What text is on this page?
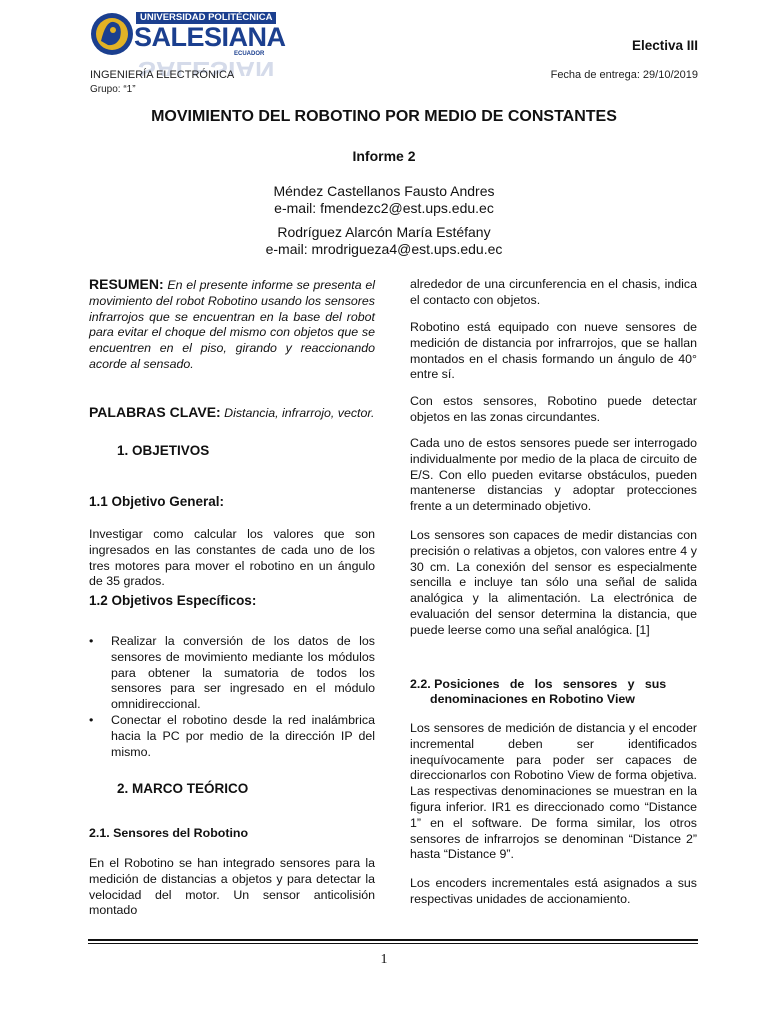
SALESIAN
UNIVERSIDAD POLITÉCNICA
SALESIANA
ECUADOR
Electiva III
INGENIERÍA ELECTRÓNICA	Fecha de entrega: 29/10/2019
Grupo: “1”
MOVIMIENTO DEL ROBOTINO POR MEDIO DE CONSTANTES
Informe 2
Méndez Castellanos Fausto Andres
e-mail: fmendezc2@est.ups.edu.ec
Rodríguez Alarcón María Estéfany
e-mail: mrodrigueza4@est.ups.edu.ec

RESUMEN: En el presente informe se presenta el movimiento del robot Robotino usando los sensores infrarrojos que se encuentran en la base del robot para evitar el choque del mismo con objetos que se encuentren en el piso, girando y reaccionando acorde al sensado.

PALABRAS CLAVE: Distancia, infrarrojo, vector.
1. OBJETIVOS
1.1 Objetivo General:
Investigar como calcular los valores que son ingresados en las constantes de cada uno de los tres motores para mover el robotino en un ángulo de 35 grados.
1.2 Objetivos Específicos:
• Realizar la conversión de los datos de los sensores de movimiento mediante los módulos para obtener la sumatoria de todos los sensores para ser ingresado en el módulo omnidireccional.
• Conectar el robotino desde la red inalámbrica hacia la PC por medio de la dirección IP del mismo.
2. MARCO TEÓRICO
2.1. Sensores del Robotino
En el Robotino se han integrado sensores para la medición de distancias a objetos y para detectar la velocidad del motor. Un sensor anticolisión montado
alrededor de una circunferencia en el chasis, indica el contacto con objetos.
Robotino está equipado con nueve sensores de medición de distancia por infrarrojos, que se hallan montados en el chasis formando un ángulo de 40° entre sí.
Con estos sensores, Robotino puede detectar objetos en las zonas circundantes.
Cada uno de estos sensores puede ser interrogado individualmente por medio de la placa de circuito de E/S. Con ello pueden evitarse obstáculos, pueden mantenerse distancias y adoptar protecciones frente a un determinado objetivo.
Los sensores son capaces de medir distancias con precisión o relativas a objetos, con valores entre 4 y 30 cm. La conexión del sensor es especialmente sencilla e incluye tan sólo una señal de salida analógica y la alimentación. La electrónica de evaluación del sensor determina la distancia, que puede leerse como una señal analógica. [1]
2.2. Posiciones   de   los   sensores   y   sus
denominaciones en Robotino View
Los sensores de medición de distancia y el encoder incremental deben ser identificados inequívocamente para poder ser capaces de direccionarlos con Robotino View de forma objetiva. Las respectivas denominaciones se muestran en la figura inferior. IR1 es direccionado como “Distance 1” en el software. De forma similar, los otros sensores de infrarrojos se denominan “Distance 2” hasta “Distance 9”.
Los encoders incrementales está asignados a sus respectivas unidades de accionamiento.
1
